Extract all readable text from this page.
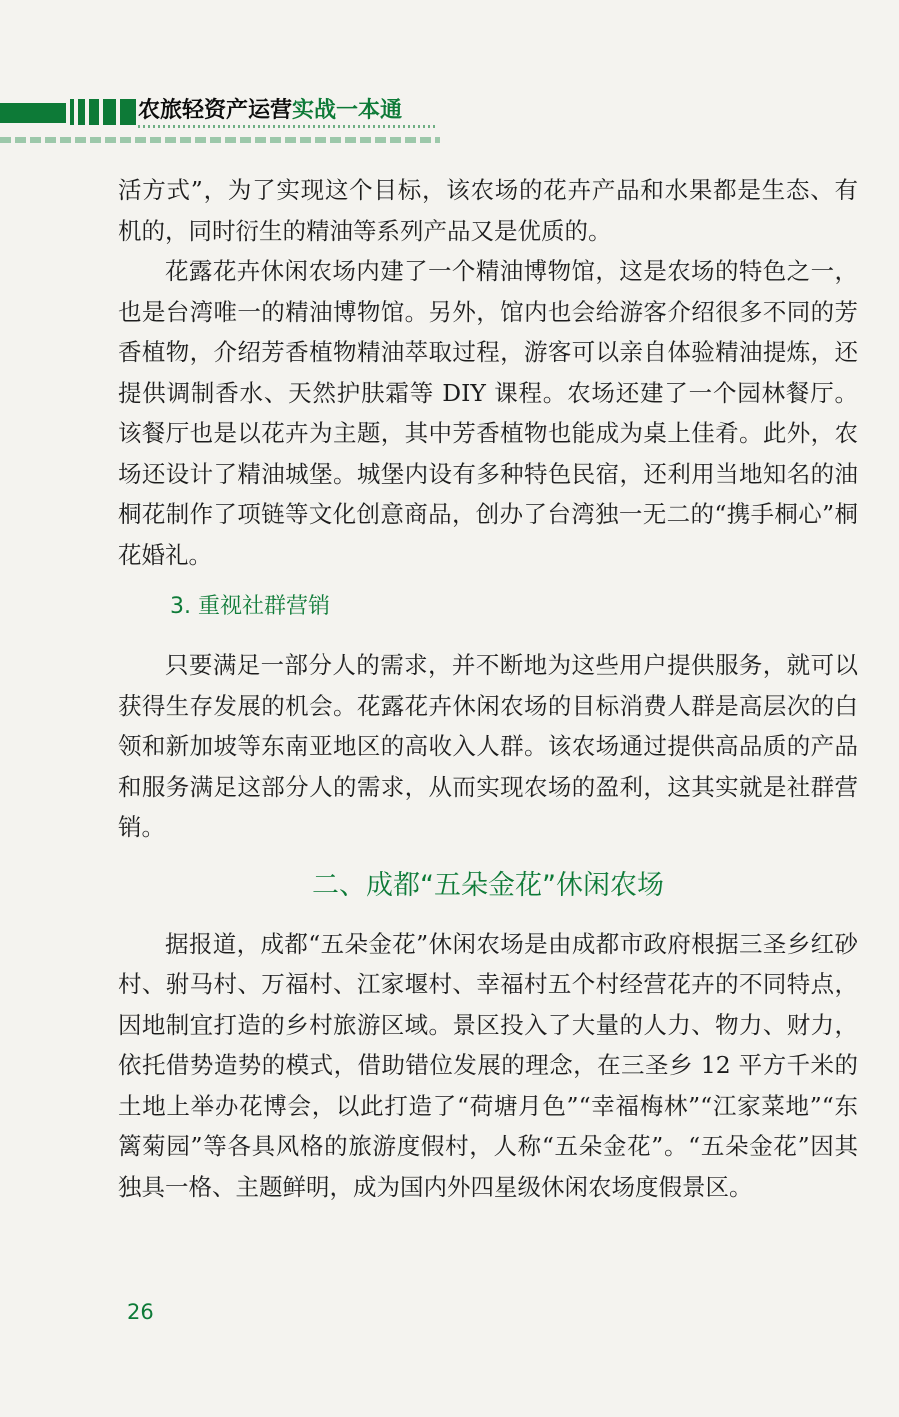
农旅轻资产运营实战一本通

活方式”，为了实现这个目标，该农场的花卉产品和水果都是生态、有机的，同时衍生的精油等系列产品又是优质的。

花露花卉休闲农场内建了一个精油博物馆，这是农场的特色之一，也是台湾唯一的精油博物馆。另外，馆内也会给游客介绍很多不同的芳香植物，介绍芳香植物精油萃取过程，游客可以亲自体验精油提炼，还提供调制香水、天然护肤霜等 DIY 课程。农场还建了一个园林餐厅。该餐厅也是以花卉为主题，其中芳香植物也能成为桌上佳肴。此外，农场还设计了精油城堡。城堡内设有多种特色民宿，还利用当地知名的油桐花制作了项链等文化创意商品，创办了台湾独一无二的“携手桐心”桐花婚礼。

3. 重视社群营销

只要满足一部分人的需求，并不断地为这些用户提供服务，就可以获得生存发展的机会。花露花卉休闲农场的目标消费人群是高层次的白领和新加坡等东南亚地区的高收入人群。该农场通过提供高品质的产品和服务满足这部分人的需求，从而实现农场的盈利，这其实就是社群营销。

二、成都“五朵金花”休闲农场

据报道，成都“五朵金花”休闲农场是由成都市政府根据三圣乡红砂村、驸马村、万福村、江家堰村、幸福村五个村经营花卉的不同特点，因地制宜打造的乡村旅游区域。景区投入了大量的人力、物力、财力，依托借势造势的模式，借助错位发展的理念，在三圣乡 12 平方千米的土地上举办花博会，以此打造了“荷塘月色”“幸福梅林”“江家菜地”“东篱菊园”等各具风格的旅游度假村，人称“五朵金花”。“五朵金花”因其独具一格、主题鲜明，成为国内外四星级休闲农场度假景区。

26
